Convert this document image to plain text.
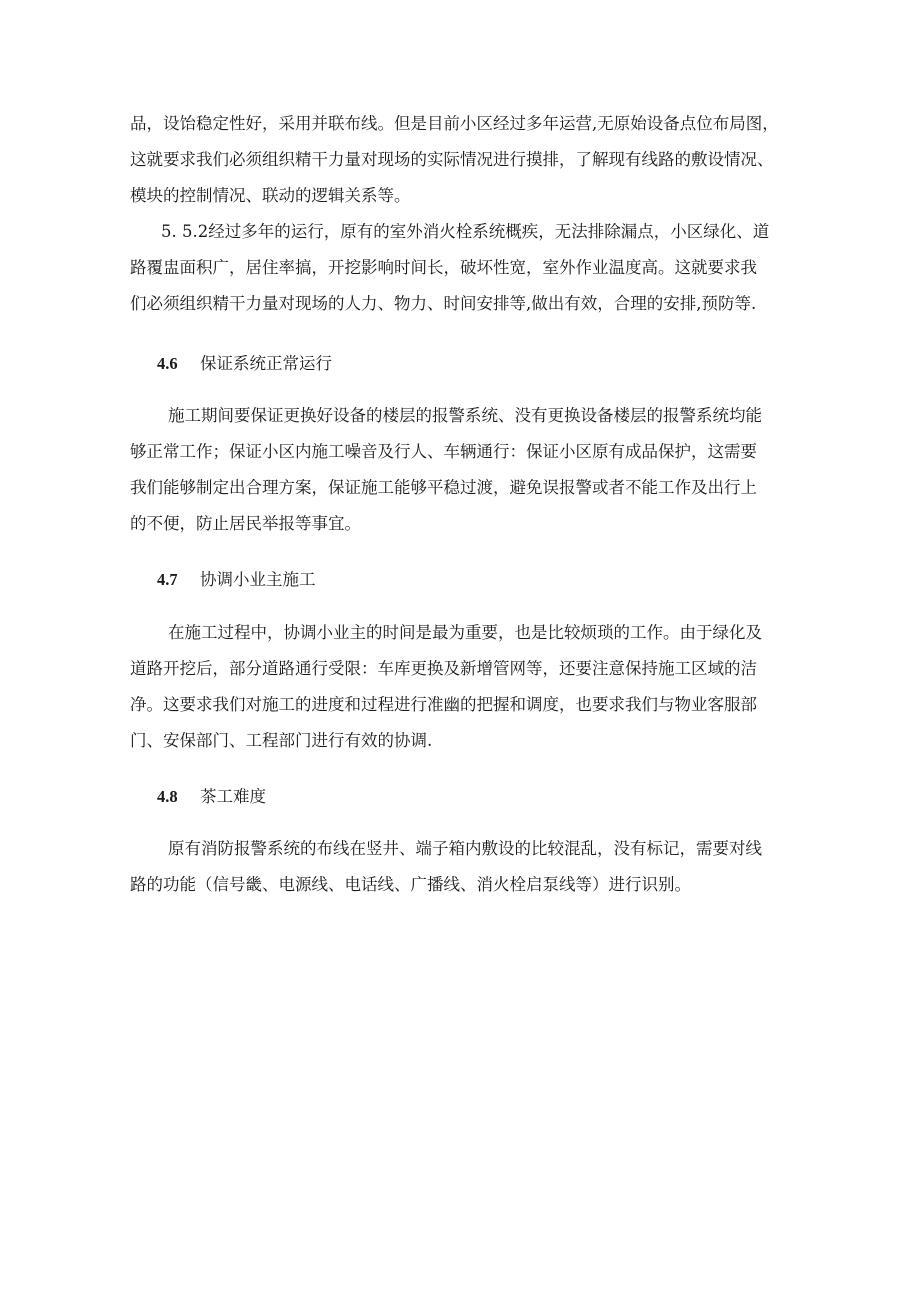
品，设饴稳定性好，采用并联布线。但是目前小区经过多年运营,无原始设备点位布局图，
这就要求我们必须组织精干力量对现场的实际情况进行摸排，了解现有线路的敷设情况、
模块的控制情况、联动的逻辑关系等。
5. 5.2经过多年的运行，原有的室外消火栓系统概疾，无法排除漏点，小区绿化、道
路覆盅面积广，居住率搞，开挖影响时间长，破坏性宽，室外作业温度高。这就要求我
们必须组织精干力量对现场的人力、物力、时间安排等,做出有效，合理的安排,预防等.
4.6 保证系统正常运行
施工期间要保证更换好设备的楼层的报警系统、没有更换设备楼层的报警系统均能
够正常工作；保证小区内施工噪音及行人、车辆通行：保证小区原有成品保护，这需要
我们能够制定出合理方案，保证施工能够平稳过渡，避免误报警或者不能工作及出行上
的不便，防止居民举报等事宜。
4.7 协调小业主施工
在施工过程中，协调小业主的时间是最为重要，也是比较烦琐的工作。由于绿化及
道路开挖后，部分道路通行受限：车库更换及新增管网等，还要注意保持施工区域的洁
净。这要求我们对施工的进度和过程进行准幽的把握和调度，也要求我们与物业客服部
门、安保部门、工程部门进行有效的协调.
4.8 茶工难度
原有消防报警系统的布线在竖井、端子箱内敷设的比较混乱，没有标记，需要对线
路的功能（信号畿、电源线、电话线、广播线、消火栓启泵线等）进行识别。
